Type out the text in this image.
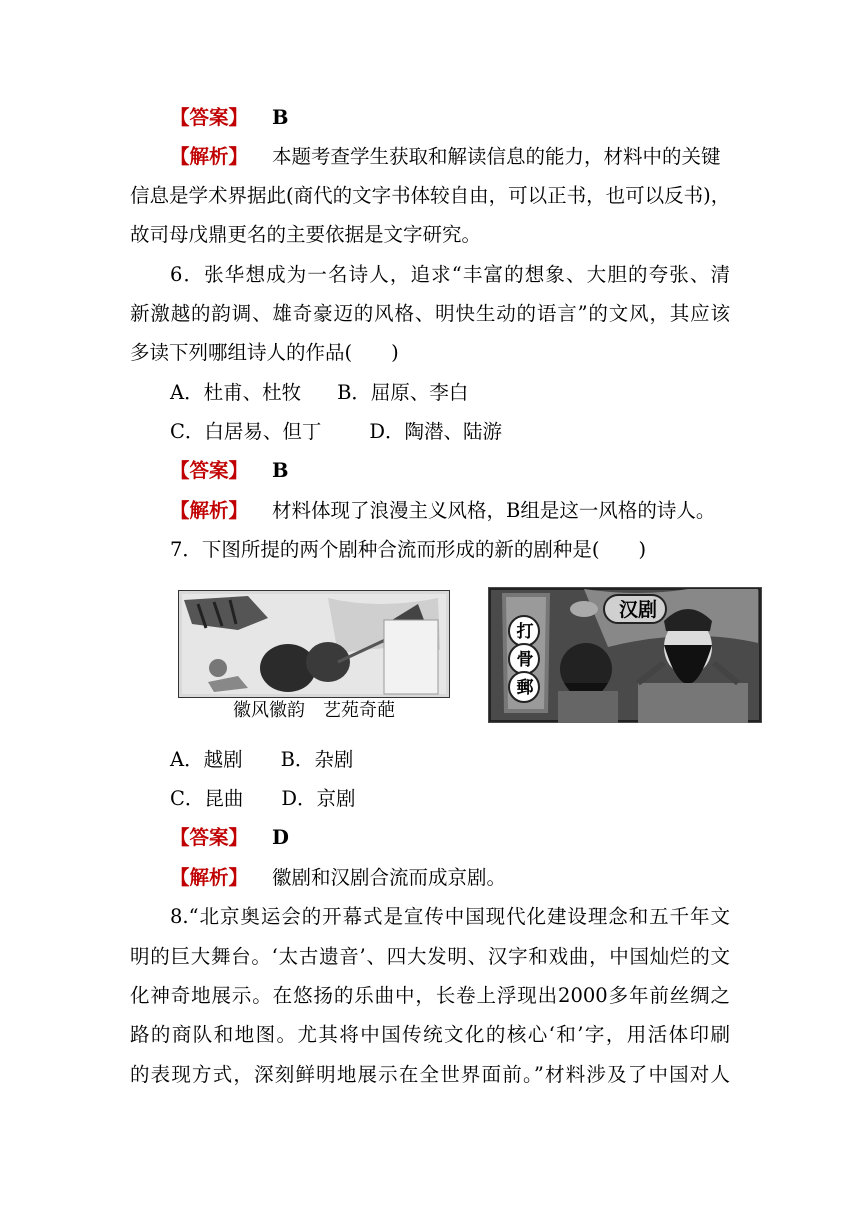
【答案】 B
【解析】 本题考查学生获取和解读信息的能力，材料中的关键
信息是学术界据此(商代的文字书体较自由，可以正书，也可以反书)，
故司母戊鼎更名的主要依据是文字研究。
6．张华想成为一名诗人，追求“丰富的想象、大胆的夸张、清
新激越的韵调、雄奇豪迈的风格、明快生动的语言”的文风，其应该
多读下列哪组诗人的作品(　　)
A．杜甫、杜牧 B．屈原、李白
C．白居易、但丁 D．陶潜、陆游
【答案】 B
【解析】 材料体现了浪漫主义风格，B组是这一风格的诗人。
7．下图所提的两个剧种合流而形成的新的剧种是(　　)
徽风徽韵　艺苑奇葩
汉剧
打
骨
郵
A．越剧 B．杂剧
C．昆曲 D．京剧
【答案】 D
【解析】 徽剧和汉剧合流而成京剧。
8.“北京奥运会的开幕式是宣传中国现代化建设理念和五千年文
明的巨大舞台。‘太古遗音’、四大发明、汉字和戏曲，中国灿烂的文
化神奇地展示。在悠扬的乐曲中，长卷上浮现出2000多年前丝绸之
路的商队和地图。尤其将中国传统文化的核心‘和’字，用活体印刷
的表现方式，深刻鲜明地展示在全世界面前。”材料涉及了中国对人
